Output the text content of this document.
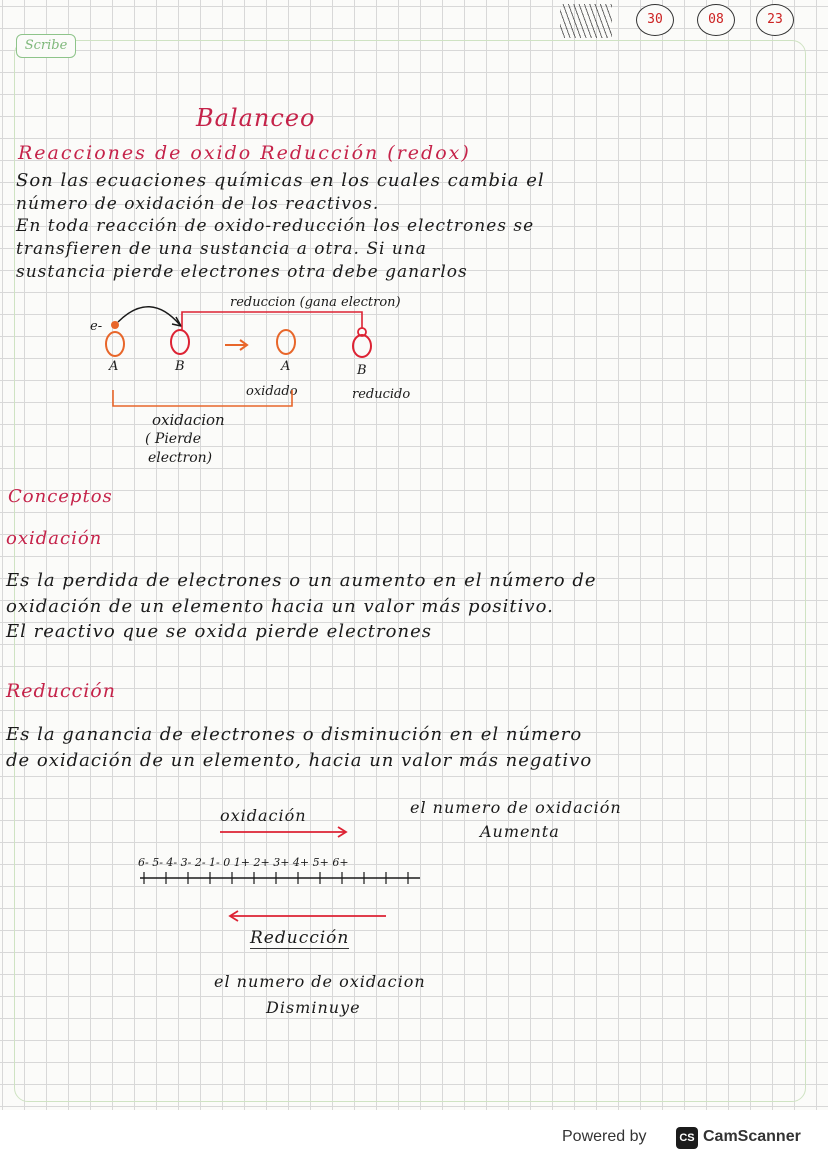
Scribe
30	08	23
Balanceo
Reacciones de oxido Reducción (redox)
Son las ecuaciones químicas en los cuales cambia el
número de oxidación de los reactivos.
En toda reacción de oxido-reducción los electrones se
transfieren de una sustancia a otra. Si una
sustancia pierde electrones otra debe ganarlos
e-
A	B
reduccion (gana electron)
A
oxidado
B
reducido
oxidacion
( Pierde
electron)
Conceptos
oxidación
Es la perdida de electrones o un aumento en el número de
oxidación de un elemento hacia un valor más positivo.
El reactivo que se oxida pierde electrones
Reducción
Es la ganancia de electrones o disminución en el número
de oxidación de un elemento, hacia un valor más negativo
oxidación	el numero de oxidación
Aumenta
6- 5- 4- 3- 2- 1- 0 1+ 2+ 3+ 4+ 5+ 6+
Reducción
el numero de oxidacion
Disminuye
Powered by	CS CamScanner
